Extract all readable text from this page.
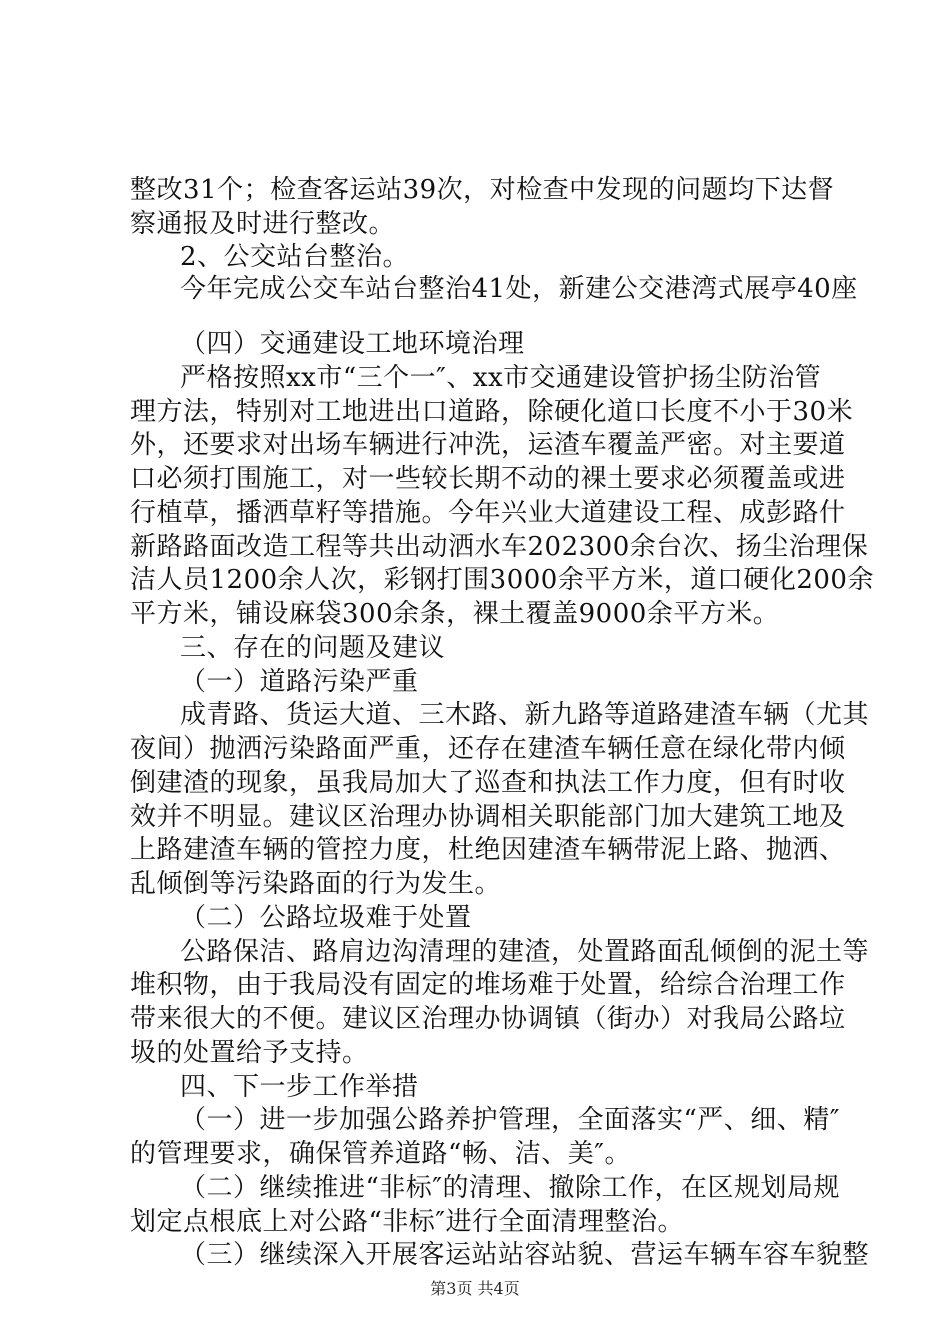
整改31个；检查客运站39次，对检查中发现的问题均下达督
察通报及时进行整改。
2、公交站台整治。
今年完成公交车站台整治41处，新建公交港湾式展亭40座
（四）交通建设工地环境治理
严格按照xx市“三个一″、xx市交通建设管护扬尘防治管
理方法，特别对工地进出口道路，除硬化道口长度不小于30米
外，还要求对出场车辆进行冲洗，运渣车覆盖严密。对主要道
口必须打围施工，对一些较长期不动的裸土要求必须覆盖或进
行植草，播洒草籽等措施。今年兴业大道建设工程、成彭路什
新路路面改造工程等共出动洒水车202300余台次、扬尘治理保
洁人员1200余人次，彩钢打围3000余平方米，道口硬化200余
平方米，铺设麻袋300余条，裸土覆盖9000余平方米。
三、存在的问题及建议
（一）道路污染严重
成青路、货运大道、三木路、新九路等道路建渣车辆（尤其
夜间）抛洒污染路面严重，还存在建渣车辆任意在绿化带内倾
倒建渣的现象，虽我局加大了巡查和执法工作力度，但有时收
效并不明显。建议区治理办协调相关职能部门加大建筑工地及
上路建渣车辆的管控力度，杜绝因建渣车辆带泥上路、抛洒、
乱倾倒等污染路面的行为发生。
（二）公路垃圾难于处置
公路保洁、路肩边沟清理的建渣，处置路面乱倾倒的泥土等
堆积物，由于我局没有固定的堆场难于处置，给综合治理工作
带来很大的不便。建议区治理办协调镇（街办）对我局公路垃
圾的处置给予支持。
四、下一步工作举措
（一）进一步加强公路养护管理，全面落实“严、细、精″
的管理要求，确保管养道路“畅、洁、美″。
（二）继续推进“非标″的清理、撤除工作，在区规划局规
划定点根底上对公路“非标″进行全面清理整治。
（三）继续深入开展客运站站容站貌、营运车辆车容车貌整
第3页 共4页
